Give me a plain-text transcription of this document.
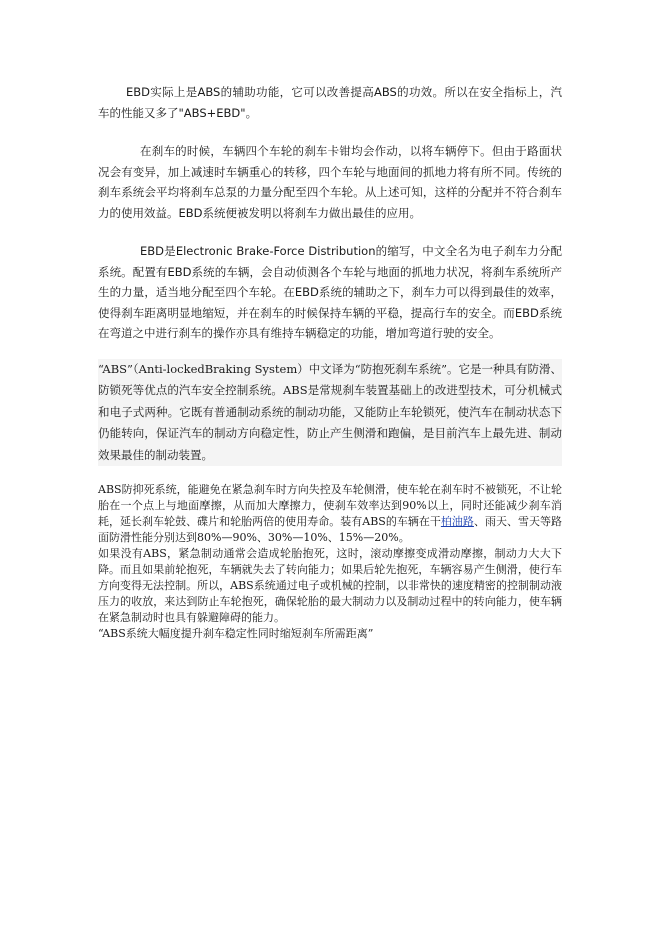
EBD实际上是ABS的辅助功能，它可以改善提高ABS的功效。所以在安全指标上，汽车的性能又多了"ABS+EBD"。

在刹车的时候，车辆四个车轮的刹车卡钳均会作动，以将车辆停下。但由于路面状况会有变异，加上减速时车辆重心的转移，四个车轮与地面间的抓地力将有所不同。传统的刹车系统会平均将刹车总泵的力量分配至四个车轮。从上述可知，这样的分配并不符合刹车力的使用效益。EBD系统便被发明以将刹车力做出最佳的应用。

EBD是Electronic Brake-Force Distribution的缩写，中文全名为电子刹车力分配系统。配置有EBD系统的车辆，会自动侦测各个车轮与地面的抓地力状况，将刹车系统所产生的力量，适当地分配至四个车轮。在EBD系统的辅助之下，刹车力可以得到最佳的效率，使得刹车距离明显地缩短，并在刹车的时候保持车辆的平稳，提高行车的安全。而EBD系统在弯道之中进行刹车的操作亦具有维持车辆稳定的功能，增加弯道行驶的安全。

“ABS”（Anti-lockedBraking System）中文译为“防抱死刹车系统”。它是一种具有防滑、防锁死等优点的汽车安全控制系统。ABS是常规刹车装置基础上的改进型技术，可分机械式和电子式两种。它既有普通制动系统的制动功能，又能防止车轮锁死，使汽车在制动状态下仍能转向，保证汽车的制动方向稳定性，防止产生侧滑和跑偏，是目前汽车上最先进、制动效果最佳的制动装置。

ABS防抑死系统，能避免在紧急刹车时方向失控及车轮侧滑，使车轮在刹车时不被锁死，不让轮胎在一个点上与地面摩擦，从而加大摩擦力，使刹车效率达到90%以上，同时还能减少刹车消耗，延长刹车轮鼓、碟片和轮胎两倍的使用寿命。装有ABS的车辆在干柏油路、雨天、雪天等路面防滑性能分别达到80%—90%、30%—10%、15%—20%。

如果没有ABS，紧急制动通常会造成轮胎抱死，这时，滚动摩擦变成滑动摩擦，制动力大大下降。而且如果前轮抱死，车辆就失去了转向能力；如果后轮先抱死，车辆容易产生侧滑，使行车方向变得无法控制。所以，ABS系统通过电子或机械的控制，以非常快的速度精密的控制制动液压力的收放，来达到防止车轮抱死，确保轮胎的最大制动力以及制动过程中的转向能力，使车辆在紧急制动时也具有躲避障碍的能力。

“ABS系统大幅度提升刹车稳定性同时缩短刹车所需距离”
